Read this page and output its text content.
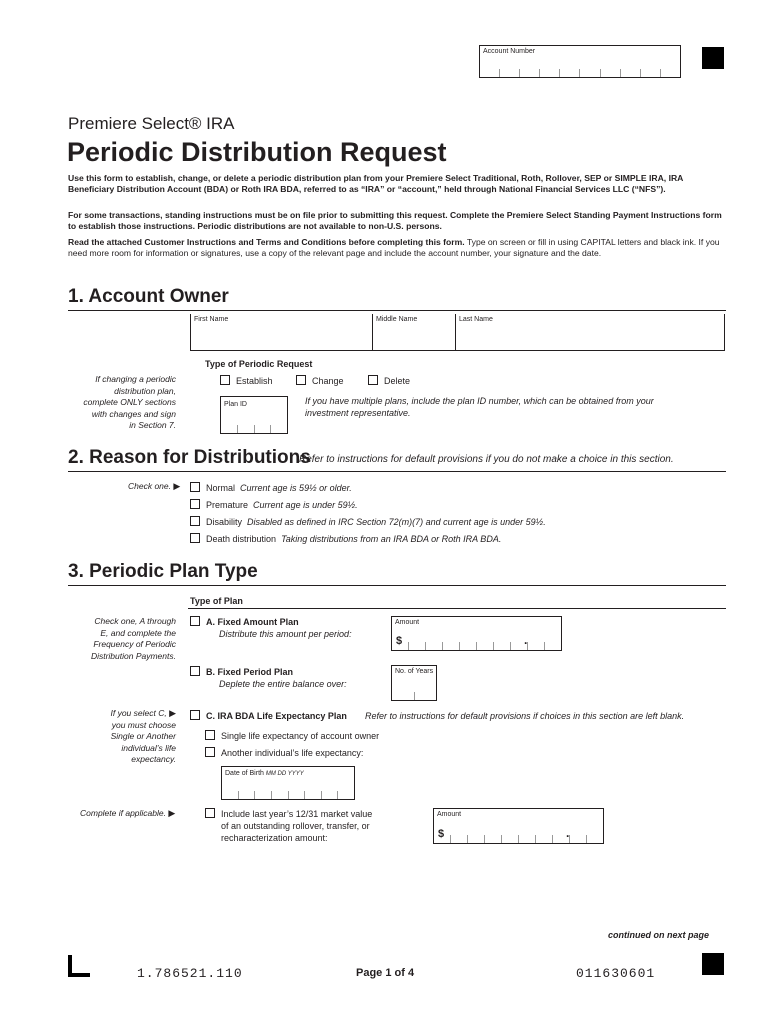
Account Number
Premiere Select® IRA
Periodic Distribution Request
Use this form to establish, change, or delete a periodic distribution plan from your Premiere Select Traditional, Roth, Rollover, SEP or SIMPLE IRA, IRA Beneficiary Distribution Account (BDA) or Roth IRA BDA, referred to as “IRA” or “account,” held through National Financial Services LLC (“NFS”).
For some transactions, standing instructions must be on file prior to submitting this request. Complete the Premiere Select Standing Payment Instructions form to establish those instructions. Periodic distributions are not available to non-U.S. persons.
Read the attached Customer Instructions and Terms and Conditions before completing this form. Type on screen or fill in using CAPITAL letters and black ink. If you need more room for information or signatures, use a copy of the relevant page and include the account number, your signature and the date.
1. Account Owner
First Name	Middle Name	Last Name
Type of Periodic Request
If changing a periodic
distribution plan,
complete ONLY sections
with changes and sign
in Section 7.
Establish	Change	Delete
Plan ID	If you have multiple plans, include the plan ID number, which can be obtained from your
investment representative.
2. Reason for Distributions
Refer to instructions for default provisions if you do not make a choice in this section.
Check one. ▶	Normal Current age is 59½ or older.
Premature Current age is under 59½.
Disability Disabled as defined in IRC Section 72(m)(7) and current age is under 59½.
Death distribution Taking distributions from an IRA BDA or Roth IRA BDA.
3. Periodic Plan Type
Type of Plan
Check one, A through
E, and complete the
Frequency of Periodic
Distribution Payments.
A. Fixed Amount Plan
Distribute this amount per period:
Amount
$	.
B. Fixed Period Plan
Deplete the entire balance over:
No. of Years
If you select C, ▶
you must choose
Single or Another
individual’s life
expectancy.
C. IRA BDA Life Expectancy Plan Refer to instructions for default provisions if choices in this section are left blank.
Single life expectancy of account owner
Another individual’s life expectancy:
Date of Birth MM DD YYYY
Complete if applicable. ▶	Include last year’s 12/31 market value
of an outstanding rollover, transfer, or
recharacterization amount:
Amount
$	.
continued on next page
1.786521.110	Page 1 of 4	011630601
